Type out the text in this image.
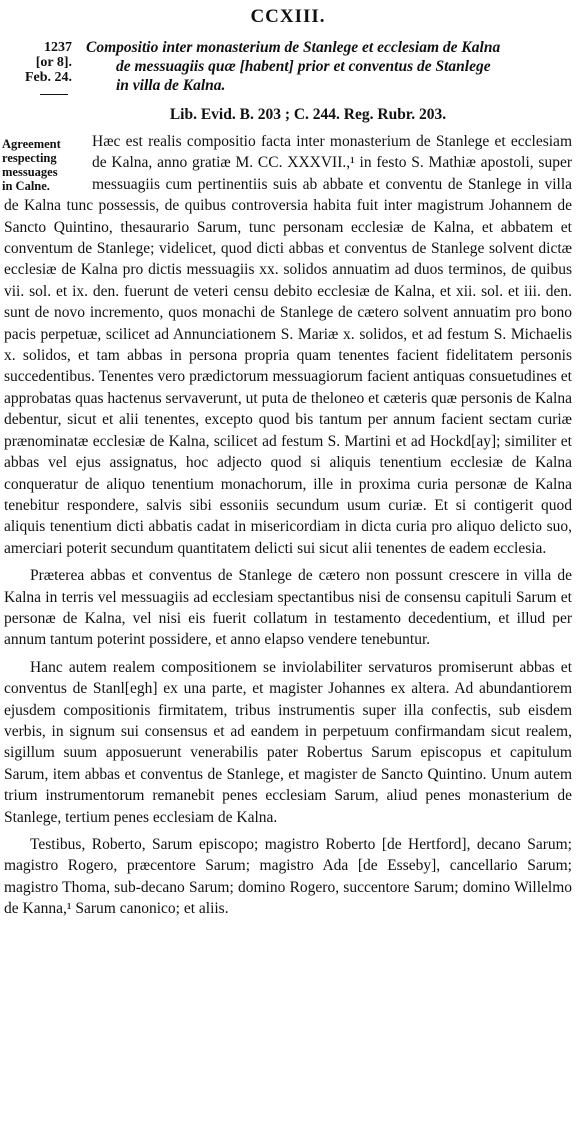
CCXIII.
1237
[or 8].
Feb. 24.
Compositio inter monasterium de Stanlege et ecclesiam de Kalna
de messuagiis quæ [habent] prior et conventus de Stanlege
in villa de Kalna.
Lib. Evid. B. 203 ; C. 244. Reg. Rubr. 203.
Agreement
respecting
messuages
in Calne.

Hæc est realis compositio facta inter monasterium de Stanlege et ecclesiam de Kalna, anno gratiæ M. CC. XXXVII.,¹ in festo S. Mathiæ apostoli, super messuagiis cum pertinentiis suis ab abbate et conventu de Stanlege in villa de Kalna tunc possessis, de quibus controversia habita fuit inter magistrum Johannem de Sancto Quintino, thesaurario Sarum, tunc personam ecclesiæ de Kalna, et abbatem et conventum de Stanlege; videlicet, quod dicti abbas et conventus de Stanlege solvent dictæ ecclesiæ de Kalna pro dictis messuagiis xx. solidos annuatim ad duos terminos, de quibus vii. sol. et ix. den. fuerunt de veteri censu debito ecclesiæ de Kalna, et xii. sol. et iii. den. sunt de novo incremento, quos monachi de Stanlege de cætero solvent annuatim pro bono pacis perpetuæ, scilicet ad Annunciationem S. Mariæ x. solidos, et ad festum S. Michaelis x. solidos, et tam abbas in persona propria quam tenentes facient fidelitatem personis succedentibus. Tenentes vero prædictorum messuagiorum facient antiquas consuetudines et approbatas quas hactenus servaverunt, ut puta de theloneo et cæteris quæ personis de Kalna debentur, sicut et alii tenentes, excepto quod bis tantum per annum facient sectam curiæ prænominatæ ecclesiæ de Kalna, scilicet ad festum S. Martini et ad Hockd[ay]; similiter et abbas vel ejus assignatus, hoc adjecto quod si aliquis tenentium ecclesiæ de Kalna conqueratur de aliquo tenentium monachorum, ille in proxima curia personæ de Kalna tenebitur respondere, salvis sibi essoniis secundum usum curiæ. Et si contigerit quod aliquis tenentium dicti abbatis cadat in misericordiam in dicta curia pro aliquo delicto suo, amerciari poterit secundum quantitatem delicti sui sicut alii tenentes de eadem ecclesia.

Præterea abbas et conventus de Stanlege de cætero non possunt crescere in villa de Kalna in terris vel messuagiis ad ecclesiam spectantibus nisi de consensu capituli Sarum et personæ de Kalna, vel nisi eis fuerit collatum in testamento decedentium, et illud per annum tantum poterint possidere, et anno elapso vendere tenebuntur.

Hanc autem realem compositionem se inviolabiliter servaturos promiserunt abbas et conventus de Stanl[egh] ex una parte, et magister Johannes ex altera. Ad abundantiorem ejusdem compositionis firmitatem, tribus instrumentis super illa confectis, sub eisdem verbis, in signum sui consensus et ad eandem in perpetuum confirmandam sicut realem, sigillum suum apposuerunt venerabilis pater Robertus Sarum episcopus et capitulum Sarum, item abbas et conventus de Stanlege, et magister de Sancto Quintino. Unum autem trium instrumentorum remanebit penes ecclesiam Sarum, aliud penes monasterium de Stanlege, tertium penes ecclesiam de Kalna.

Testibus, Roberto, Sarum episcopo; magistro Roberto [de Hertford], decano Sarum; magistro Rogero, præcentore Sarum; magistro Ada [de Esseby], cancellario Sarum; magistro Thoma, sub-decano Sarum; domino Rogero, succentore Sarum; domino Willelmo de Kanna,¹ Sarum canonico; et aliis.
